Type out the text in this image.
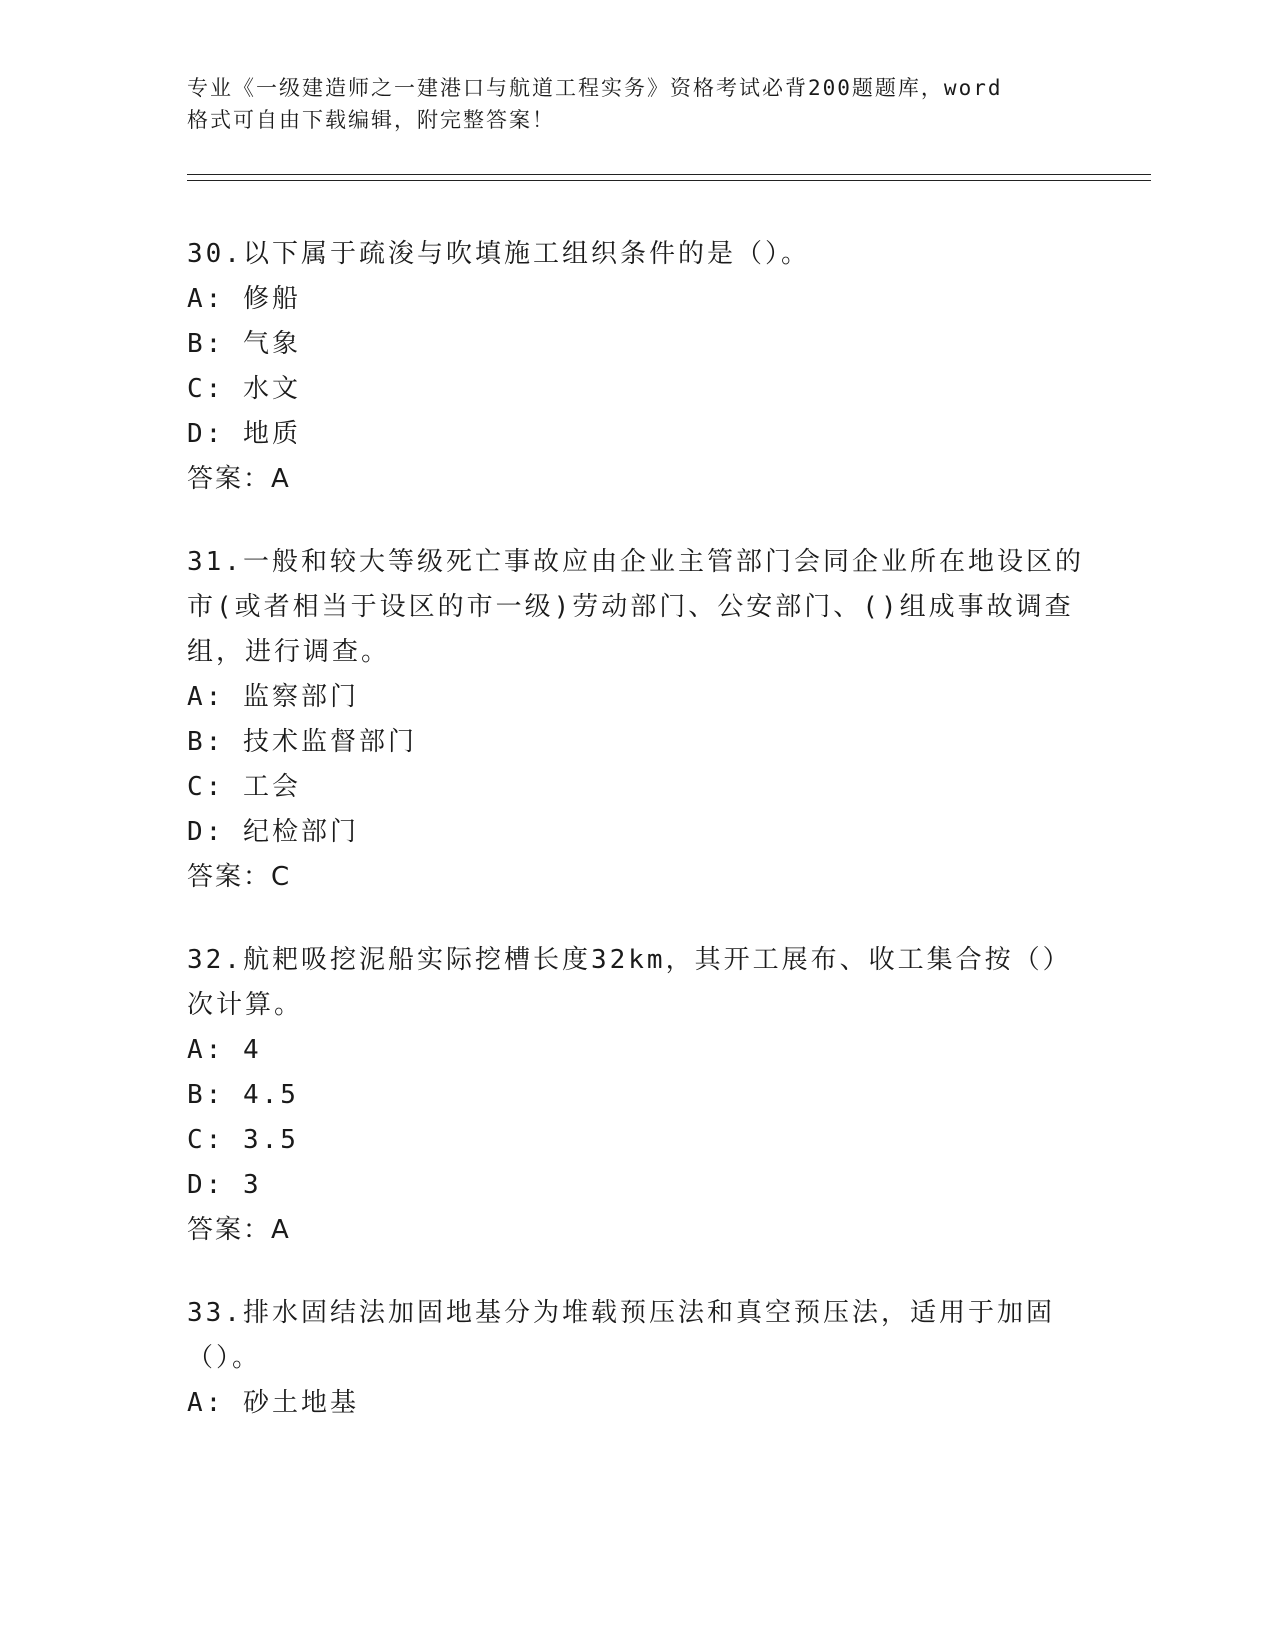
专业《一级建造师之一建港口与航道工程实务》资格考试必背200题题库，word
格式可自由下载编辑，附完整答案！

30.以下属于疏浚与吹填施工组织条件的是（）。

A: 修船

B: 气象

C: 水文

D: 地质

答案：A

31.一般和较大等级死亡事故应由企业主管部门会同企业所在地设区的市(或者相当于设区的市一级)劳动部门、公安部门、()组成事故调查组，进行调查。

A: 监察部门

B: 技术监督部门

C: 工会

D: 纪检部门

答案：C

32.航耙吸挖泥船实际挖槽长度32km，其开工展布、收工集合按（）次计算。

A: 4

B: 4.5

C: 3.5

D: 3

答案：A

33.排水固结法加固地基分为堆载预压法和真空预压法，适用于加固（）。

A: 砂土地基
